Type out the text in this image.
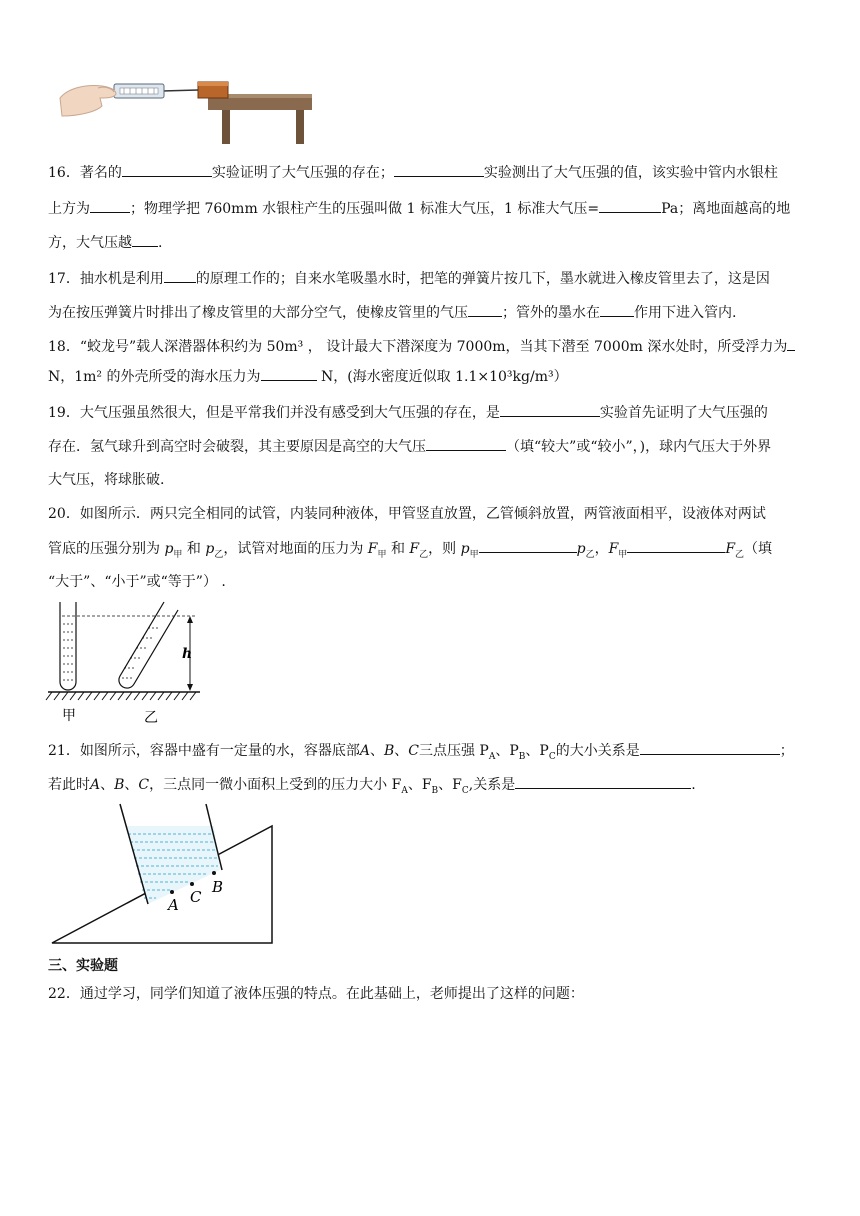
16．著名的	实验证明了大气压强的存在；	实验测出了大气压强的值，该实验中管内水银柱
上方为	；物理学把 760mm 水银柱产生的压强叫做 1 标准大气压，1 标准大气压=	Pa；离地面越高的地
方，大气压越 .
17．抽水机是利用 的原理工作的；自来水笔吸墨水时，把笔的弹簧片按几下，墨水就进入橡皮管里去了，这是因
为在按压弹簧片时排出了橡皮管里的大部分空气，使橡皮管里的气压 ；管外的墨水在 作用下进入管内.
18．“蛟龙号”载人深潜器体积约为 50m³ ， 设计最大下潜深度为 7000m，当其下潜至 7000m 深水处时，所受浮力为
N，1m² 的外壳所受的海水压力为	N，(海水密度近似取 1.1×10³kg/m³）
19．大气压强虽然很大，但是平常我们并没有感受到大气压强的存在，是	实验首先证明了大气压强的
存在．氢气球升到高空时会破裂，其主要原因是高空的大气压	（填“较大”或“较小”，)，球内气压大于外界
大气压，将球胀破.
20．如图所示．两只完全相同的试管，内装同种液体，甲管竖直放置，乙管倾斜放置，两管液面相平，设液体对两试
管底的压强分别为 $p_甲$ 和 $p_乙$，试管对地面的压力为 $F_甲$ 和 $F_乙$，则 $p_甲$	$p_乙$，$F_甲$	$F_乙$（填
“大于”、“小于”或“等于”） .
h
甲	乙
21．如图所示，容器中盛有一定量的水，容器底部A、B、C三点压强 $P_A$、$P_B$、$P_C$的大小关系是	；
若此时A、B、C，三点同一微小面积上受到的压力大小 $F_A$、$F_B$、$F_C$,关系是	.
A C
B
三、实验题
22．通过学习，同学们知道了液体压强的特点。在此基础上，老师提出了这样的问题：
